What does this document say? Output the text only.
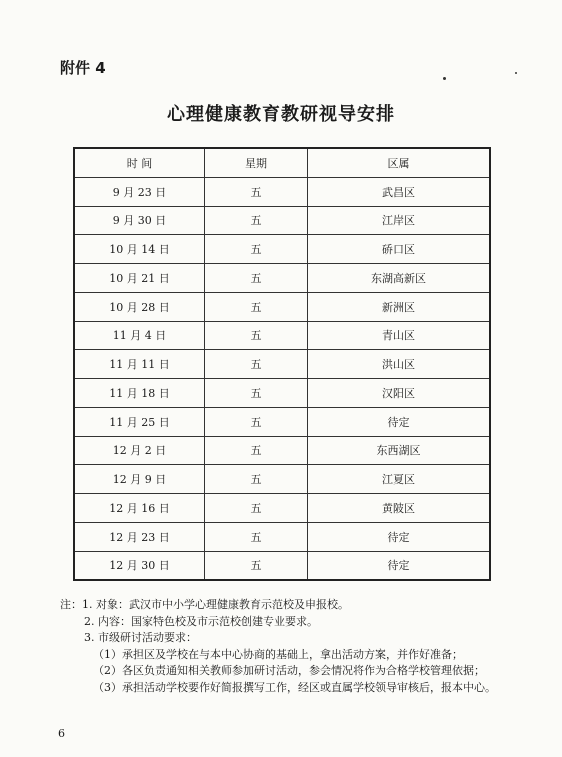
附件 4
心理健康教育教研视导安排
时 间	星期	区属
9 月 23 日	五	武昌区
9 月 30 日	五	江岸区
10 月 14 日	五	硚口区
10 月 21 日	五	东湖高新区
10 月 28 日	五	新洲区
11 月 4 日	五	青山区
11 月 11 日	五	洪山区
11 月 18 日	五	汉阳区
11 月 25 日	五	待定
12 月 2 日	五	东西湖区
12 月 9 日	五	江夏区
12 月 16 日	五	黄陂区
12 月 23 日	五	待定
12 月 30 日	五	待定
注：1. 对象：武汉市中小学心理健康教育示范校及申报校。
2. 内容：国家特色校及市示范校创建专业要求。
3. 市级研讨活动要求：
（1）承担区及学校在与本中心协商的基础上，拿出活动方案，并作好准备；
（2）各区负责通知相关教师参加研讨活动，参会情况将作为合格学校管理依据；
（3）承担活动学校要作好简报撰写工作，经区或直属学校领导审核后，报本中心。
6
